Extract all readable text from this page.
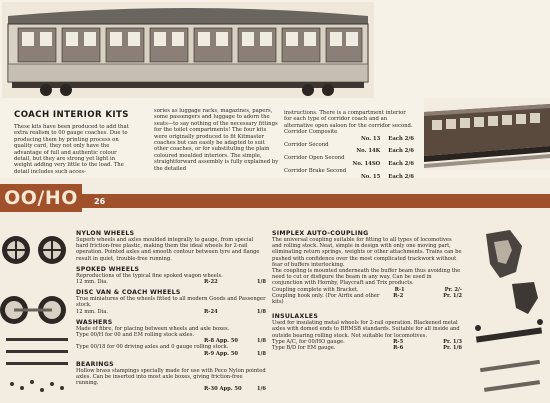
COACH INTERIOR KITS

These kits have been produced to add that extra realism to 00 gauge coaches. Due to producing them by printing process on quality card, they not only have the advantage of full and authentic colour detail, but they are strong yet light in weight adding very little to the load. The detail includes such acces-

sories as luggage racks, magazines, papers, some passengers and luggage to adorn the seats—to say nothing of the necessary fittings for the toilet compartments! The four kits were originally produced to fit Kitmaster coaches but can easily be adapted to suit other coaches, or for substituting the plain coloured moulded interiors. The simple, straightforward assembly is fully explained by the detailed

instructions. There is a compartment interior for each type of corridor coach and an alternative open saloon for the corridor second.

Corridor Composite
No. 13 Each 2/6
Corridor Second
No. 14K Each 2/6
Corridor Open Second
No. 14SO Each 2/6
Corridor Brake Second
No. 15 Each 2/6
OO/HO	26

NYLON WHEELS

Superb wheels and axles moulded integrally to gauge, from special hard friction-free plastic, making them the ideal wheels for 2-rail operation. Pointed axles and smooth contour between tyre and flange result in quiet, trouble-free running.

SPOKED WHEELS

Reproductions of the typical fine spoked wagon wheels.

12 mm. Dia.	R-22	1/8

DISC VAN & COACH WHEELS

True miniatures of the wheels fitted to all modern Goods and Passenger stock.

12 mm. Dia.	R-24	1/8

WASHERS

Made of fibre, for placing between wheels and axle boxes.

Type 00/H for 00 and EM rolling stock axles.

R-8 App. 50	1/8

Type 00/18 for 00 driving axles and 0 gauge rolling stock.

R-9 App. 50	1/8

BEARINGS

Hollow brass stampings specially made for use with Peco Nylon pointed axles. Can be inserted into most axle boxes, giving friction-free running.

R-30 App. 50	1/6

SIMPLEX AUTO-COUPLING

The universal coupling suitable for fitting to all types of locomotives and rolling stock. Neat, simple in design with only one moving part, eliminating return springs, weights or other attachments. Trains can be pushed with confidence over the most complicated trackwork without fear of buffers interlocking.

The coupling is mounted underneath the buffer beam thus avoiding the need to cut or disfigure the beam in any way. Can be used in conjunction with Hornby, Playcraft and Trix products.

Coupling complete with Bracket.	R-1	Pr. 2/-
Coupling hook only. (For Airfix and other kits)
R-2	Pr. 1/2

INSULAXLES

Used for insulating metal wheels for 2-rail operation. Blackened metal axles with domed ends to BRMSB standards. Suitable for all inside and outside bearing rolling stock. Not suitable for locomotives.

Type A/C, for 00/HO gauge.	R-5	Pr. 1/3
Type B/D for EM gauge.	R-6	Pr. 1/6
